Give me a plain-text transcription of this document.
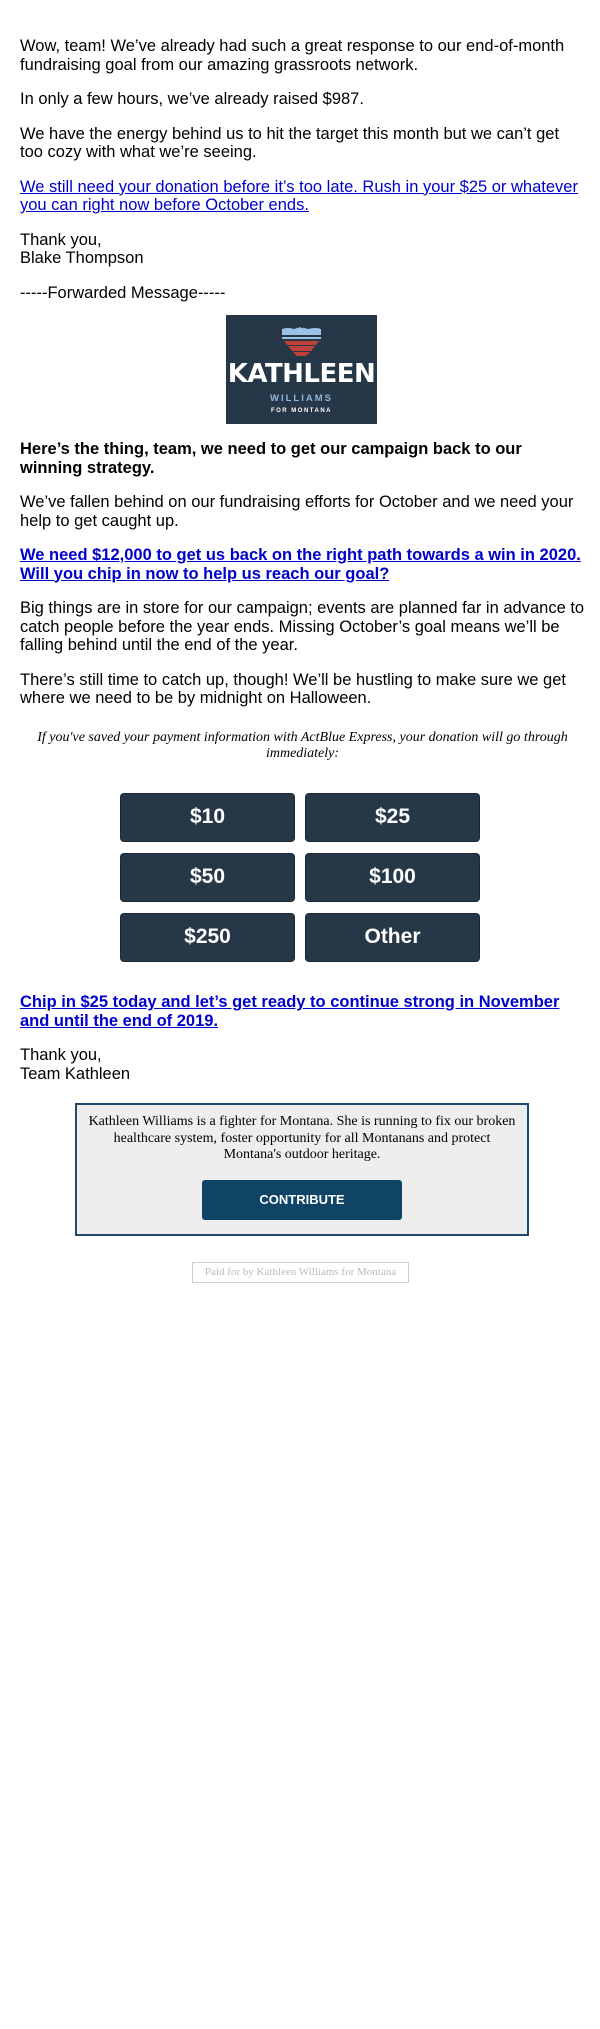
Wow, team! We’ve already had such a great response to our end-of-month fundraising goal from our amazing grassroots network.

In only a few hours, we’ve already raised $987.

We have the energy behind us to hit the target this month but we can’t get too cozy with what we’re seeing.

We still need your donation before it’s too late. Rush in your $25 or whatever you can right now before October ends.

Thank you,

Blake Thompson

-----Forwarded Message-----

KATHLEEN
WILLIAMS
FOR MONTANA

Here’s the thing, team, we need to get our campaign back to our winning strategy.

We’ve fallen behind on our fundraising efforts for October and we need your help to get caught up.

We need $12,000 to get us back on the right path towards a win in 2020. Will you chip in now to help us reach our goal?

Big things are in store for our campaign; events are planned far in advance to catch people before the year ends. Missing October’s goal means we’ll be falling behind until the end of the year.

There’s still time to catch up, though! We’ll be hustling to make sure we get where we need to be by midnight on Halloween.

If you've saved your payment information with ActBlue Express, your donation will go through immediately:
$10	$25
$50	$100
$250	Other

Chip in $25 today and let’s get ready to continue strong in November and until the end of 2019.

Thank you,

Team Kathleen

Kathleen Williams is a fighter for Montana. She is running to fix our broken healthcare system, foster opportunity for all Montanans and protect Montana's outdoor heritage.
CONTRIBUTE
Paid for by Kathleen Williams for Montana
